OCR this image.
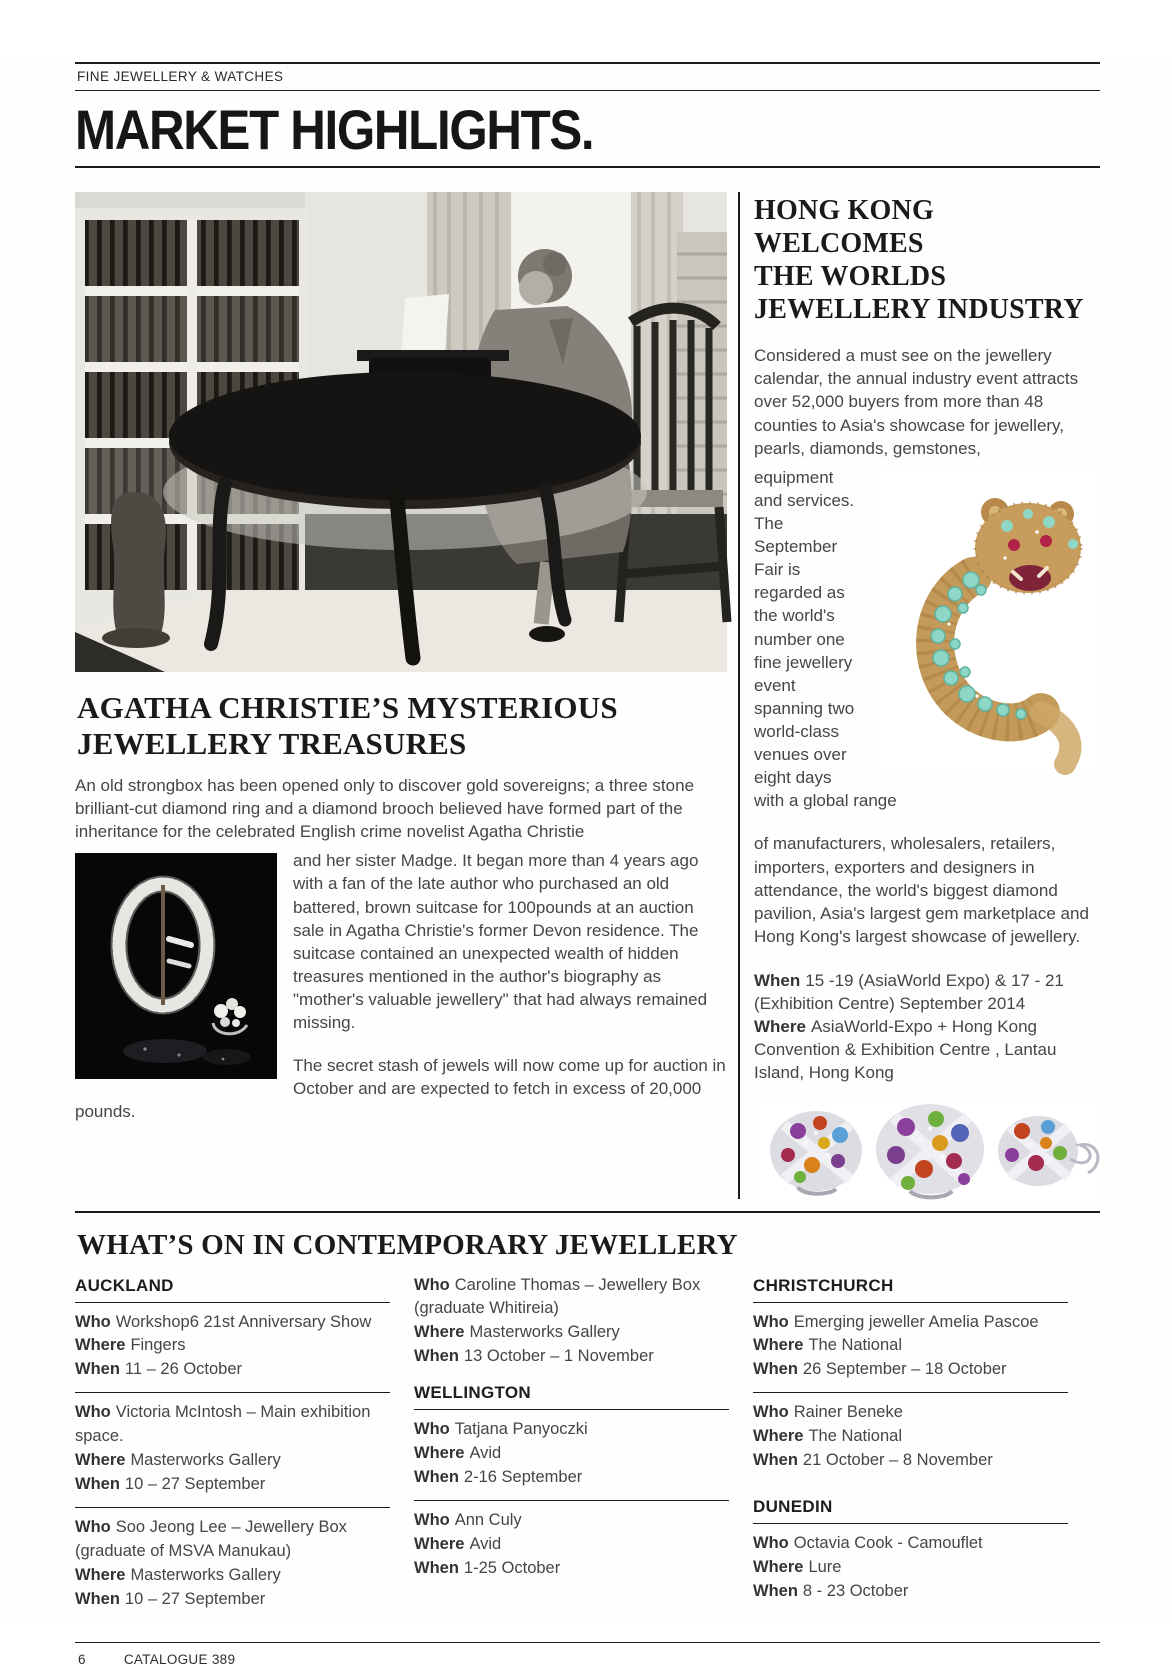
FINE JEWELLERY & WATCHES
MARKET HIGHLIGHTS.
AGATHA CHRISTIE’S MYSTERIOUS
JEWELLERY TREASURES

An old strongbox has been opened only to discover gold sovereigns; a three stone brilliant-cut diamond ring and a diamond brooch believed have formed part of the inheritance for the celebrated English crime novelist Agatha Christie

and her sister Madge. It began more than 4 years ago with a fan of the late author who purchased an old battered, brown suitcase for 100pounds at an auction sale in Agatha Christie's former Devon residence. The suitcase contained an unexpected wealth of hidden treasures mentioned in the author's biography as "mother's valuable jewellery" that had always remained missing.

The secret stash of jewels will now come up for auction in October and are expected to fetch in excess of 20,000 pounds.

HONG KONG WELCOMES
THE WORLDS
JEWELLERY INDUSTRY

Considered a must see on the jewellery calendar, the annual industry event attracts over 52,000 buyers from more than 48 counties to Asia's showcase for jewellery, pearls, diamonds, gemstones,

equipment and services. The September Fair is regarded as the world's number one fine jewellery event spanning two world-class venues over eight days with a global range

of manufacturers, wholesalers, retailers, importers, exporters and designers in attendance, the world's biggest diamond pavilion, Asia's largest gem marketplace and Hong Kong's largest showcase of jewellery.

When 15 -19 (AsiaWorld Expo) & 17 - 21 (Exhibition Centre) September 2014
Where AsiaWorld-Expo + Hong Kong Convention & Exhibition Centre , Lantau Island, Hong Kong

WHAT’S ON IN CONTEMPORARY JEWELLERY
AUCKLAND
Who Workshop6 21st Anniversary Show
Where Fingers
When 11 – 26 October
Who Victoria McIntosh – Main exhibition space.
Where Masterworks Gallery
When 10 – 27 September
Who Soo Jeong Lee – Jewellery Box (graduate of MSVA Manukau)
Where Masterworks Gallery
When 10 – 27 September
Who Caroline Thomas – Jewellery Box (graduate Whitireia)
Where Masterworks Gallery
When 13 October – 1 November
WELLINGTON
Who Tatjana Panyoczki
Where Avid
When 2-16 September
Who Ann Culy
Where Avid
When 1-25 October
CHRISTCHURCH
Who Emerging jeweller Amelia Pascoe
Where The National
When 26 September – 18 October
Who Rainer Beneke
Where The National
When 21 October – 8 November
DUNEDIN
Who Octavia Cook - Camouflet
Where Lure
When 8 - 23 October
6	CATALOGUE 389
